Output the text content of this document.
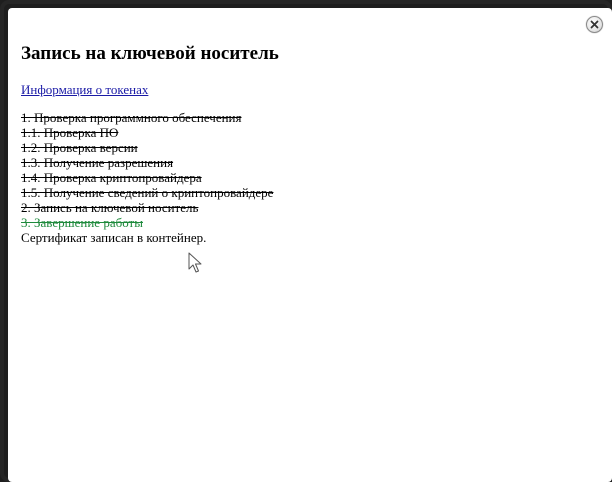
Запись на ключевой носитель
Информация о токенах
1. Проверка программного обеспечения
1.1. Проверка ПО
1.2. Проверка версии
1.3. Получение разрешения
1.4. Проверка криптопровайдера
1.5. Получение сведений о криптопровайдере
2. Запись на ключевой носитель
3. Завершение работы
Сертификат записан в контейнер.
